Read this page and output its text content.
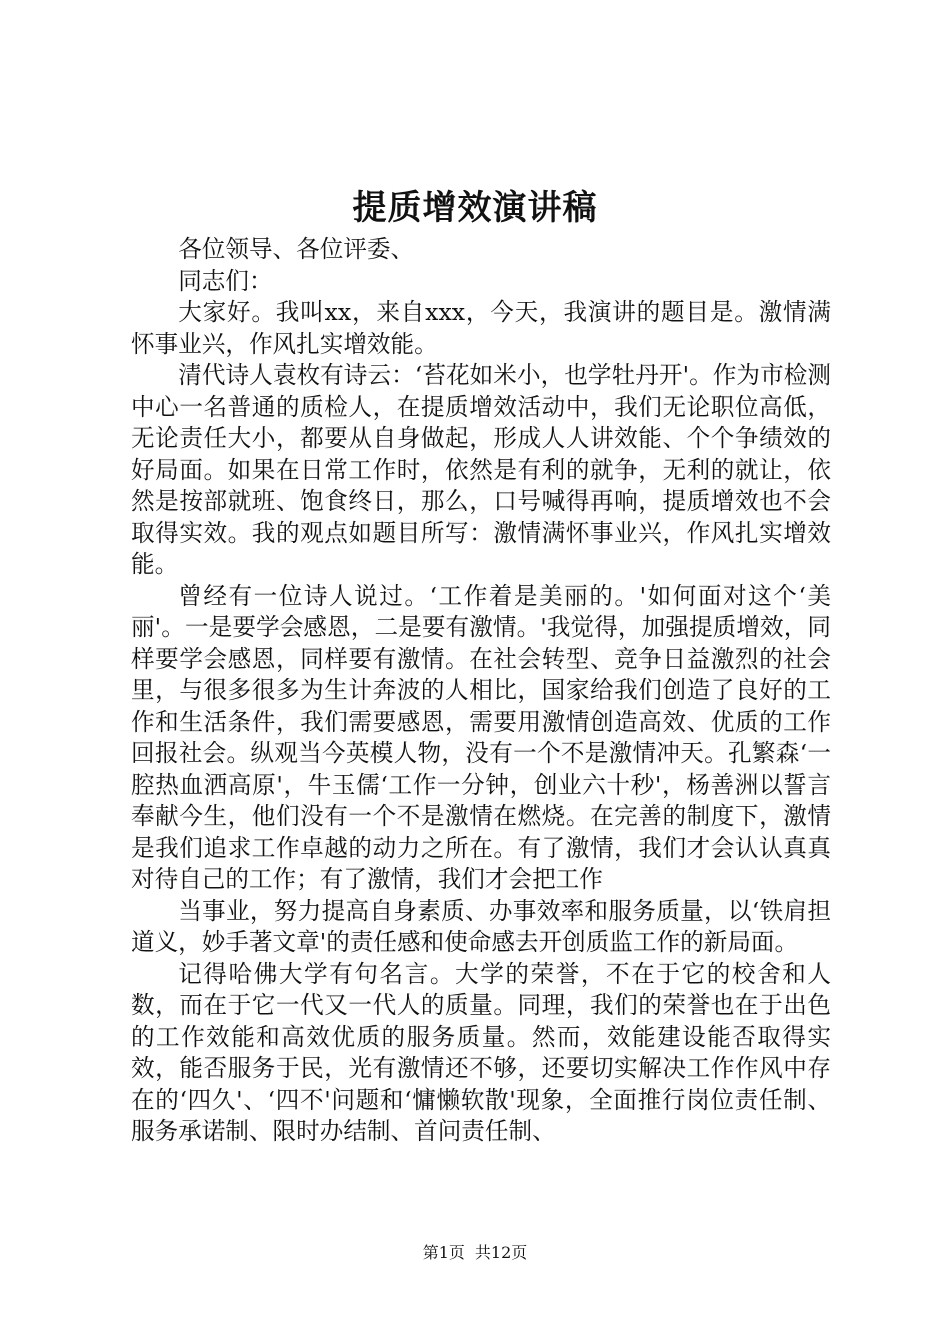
提质增效演讲稿

各位领导、各位评委、

同志们：

大家好。我叫xx，来自xxx，今天，我演讲的题目是。激情满怀事业兴，作风扎实增效能。

清代诗人袁枚有诗云：‘苔花如米小，也学牡丹开'。作为市检测中心一名普通的质检人，在提质增效活动中，我们无论职位高低，无论责任大小，都要从自身做起，形成人人讲效能、个个争绩效的好局面。如果在日常工作时，依然是有利的就争，无利的就让，依然是按部就班、饱食终日，那么，口号喊得再响，提质增效也不会取得实效。我的观点如题目所写：激情满怀事业兴，作风扎实增效能。

曾经有一位诗人说过。‘工作着是美丽的。'如何面对这个‘美丽'。一是要学会感恩，二是要有激情。'我觉得，加强提质增效，同样要学会感恩，同样要有激情。在社会转型、竞争日益激烈的社会里，与很多很多为生计奔波的人相比，国家给我们创造了良好的工作和生活条件，我们需要感恩，需要用激情创造高效、优质的工作回报社会。纵观当今英模人物，没有一个不是激情冲天。孔繁森‘一腔热血洒高原'，牛玉儒‘工作一分钟，创业六十秒'，杨善洲以誓言奉献今生，他们没有一个不是激情在燃烧。在完善的制度下，激情是我们追求工作卓越的动力之所在。有了激情，我们才会认认真真对待自己的工作；有了激情，我们才会把工作

当事业，努力提高自身素质、办事效率和服务质量，以‘铁肩担道义，妙手著文章'的责任感和使命感去开创质监工作的新局面。

记得哈佛大学有句名言。大学的荣誉，不在于它的校舍和人数，而在于它一代又一代人的质量。同理，我们的荣誉也在于出色的工作效能和高效优质的服务质量。然而，效能建设能否取得实效，能否服务于民，光有激情还不够，还要切实解决工作作风中存在的‘四久'、‘四不'问题和‘慵懒软散'现象，全面推行岗位责任制、服务承诺制、限时办结制、首问责任制、

第1页 共12页
